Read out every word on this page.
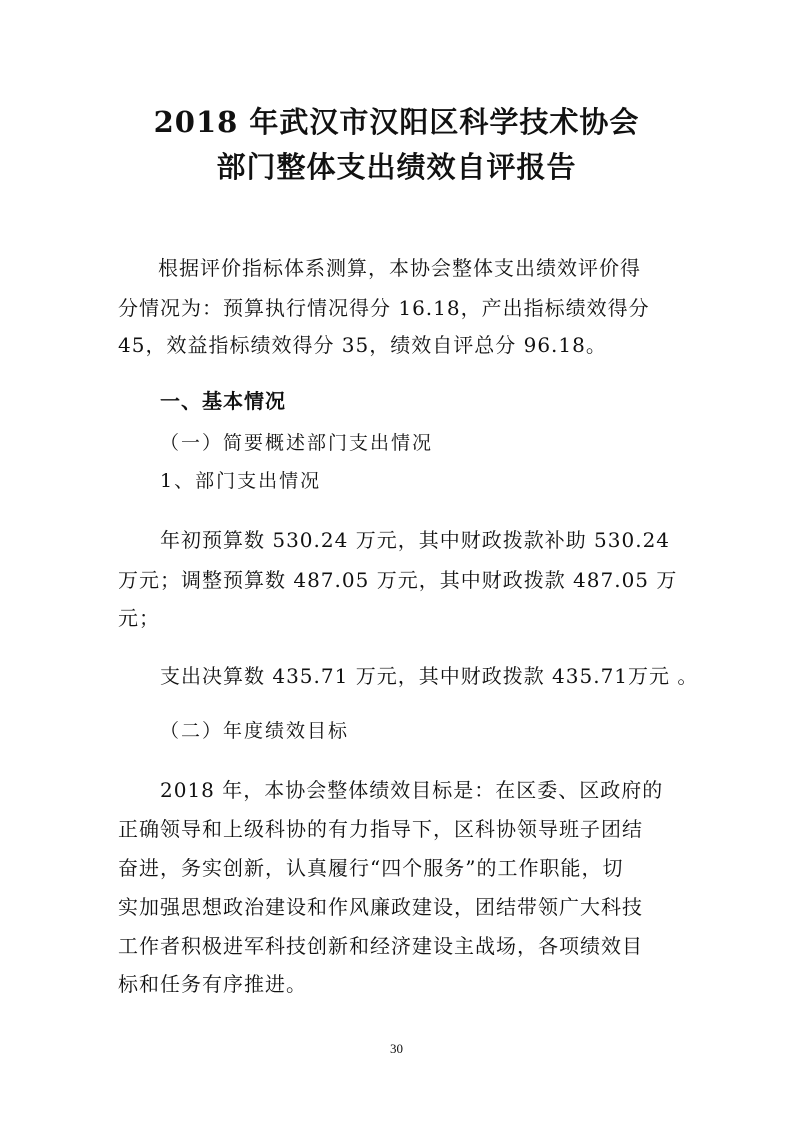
2018 年武汉市汉阳区科学技术协会
部门整体支出绩效自评报告
根据评价指标体系测算，本协会整体支出绩效评价得
分情况为：预算执行情况得分 16.18，产出指标绩效得分
45，效益指标绩效得分 35，绩效自评总分 96.18。
一、基本情况
（一）简要概述部门支出情况
1、部门支出情况
年初预算数 530.24 万元，其中财政拨款补助 530.24
万元；调整预算数 487.05 万元，其中财政拨款 487.05 万
元；
支出决算数 435.71 万元，其中财政拨款 435.71万元 。
（二）年度绩效目标
2018 年，本协会整体绩效目标是：在区委、区政府的
正确领导和上级科协的有力指导下，区科协领导班子团结
奋进，务实创新，认真履行“四个服务”的工作职能，切
实加强思想政治建设和作风廉政建设，团结带领广大科技
工作者积极进军科技创新和经济建设主战场，各项绩效目
标和任务有序推进。
30
